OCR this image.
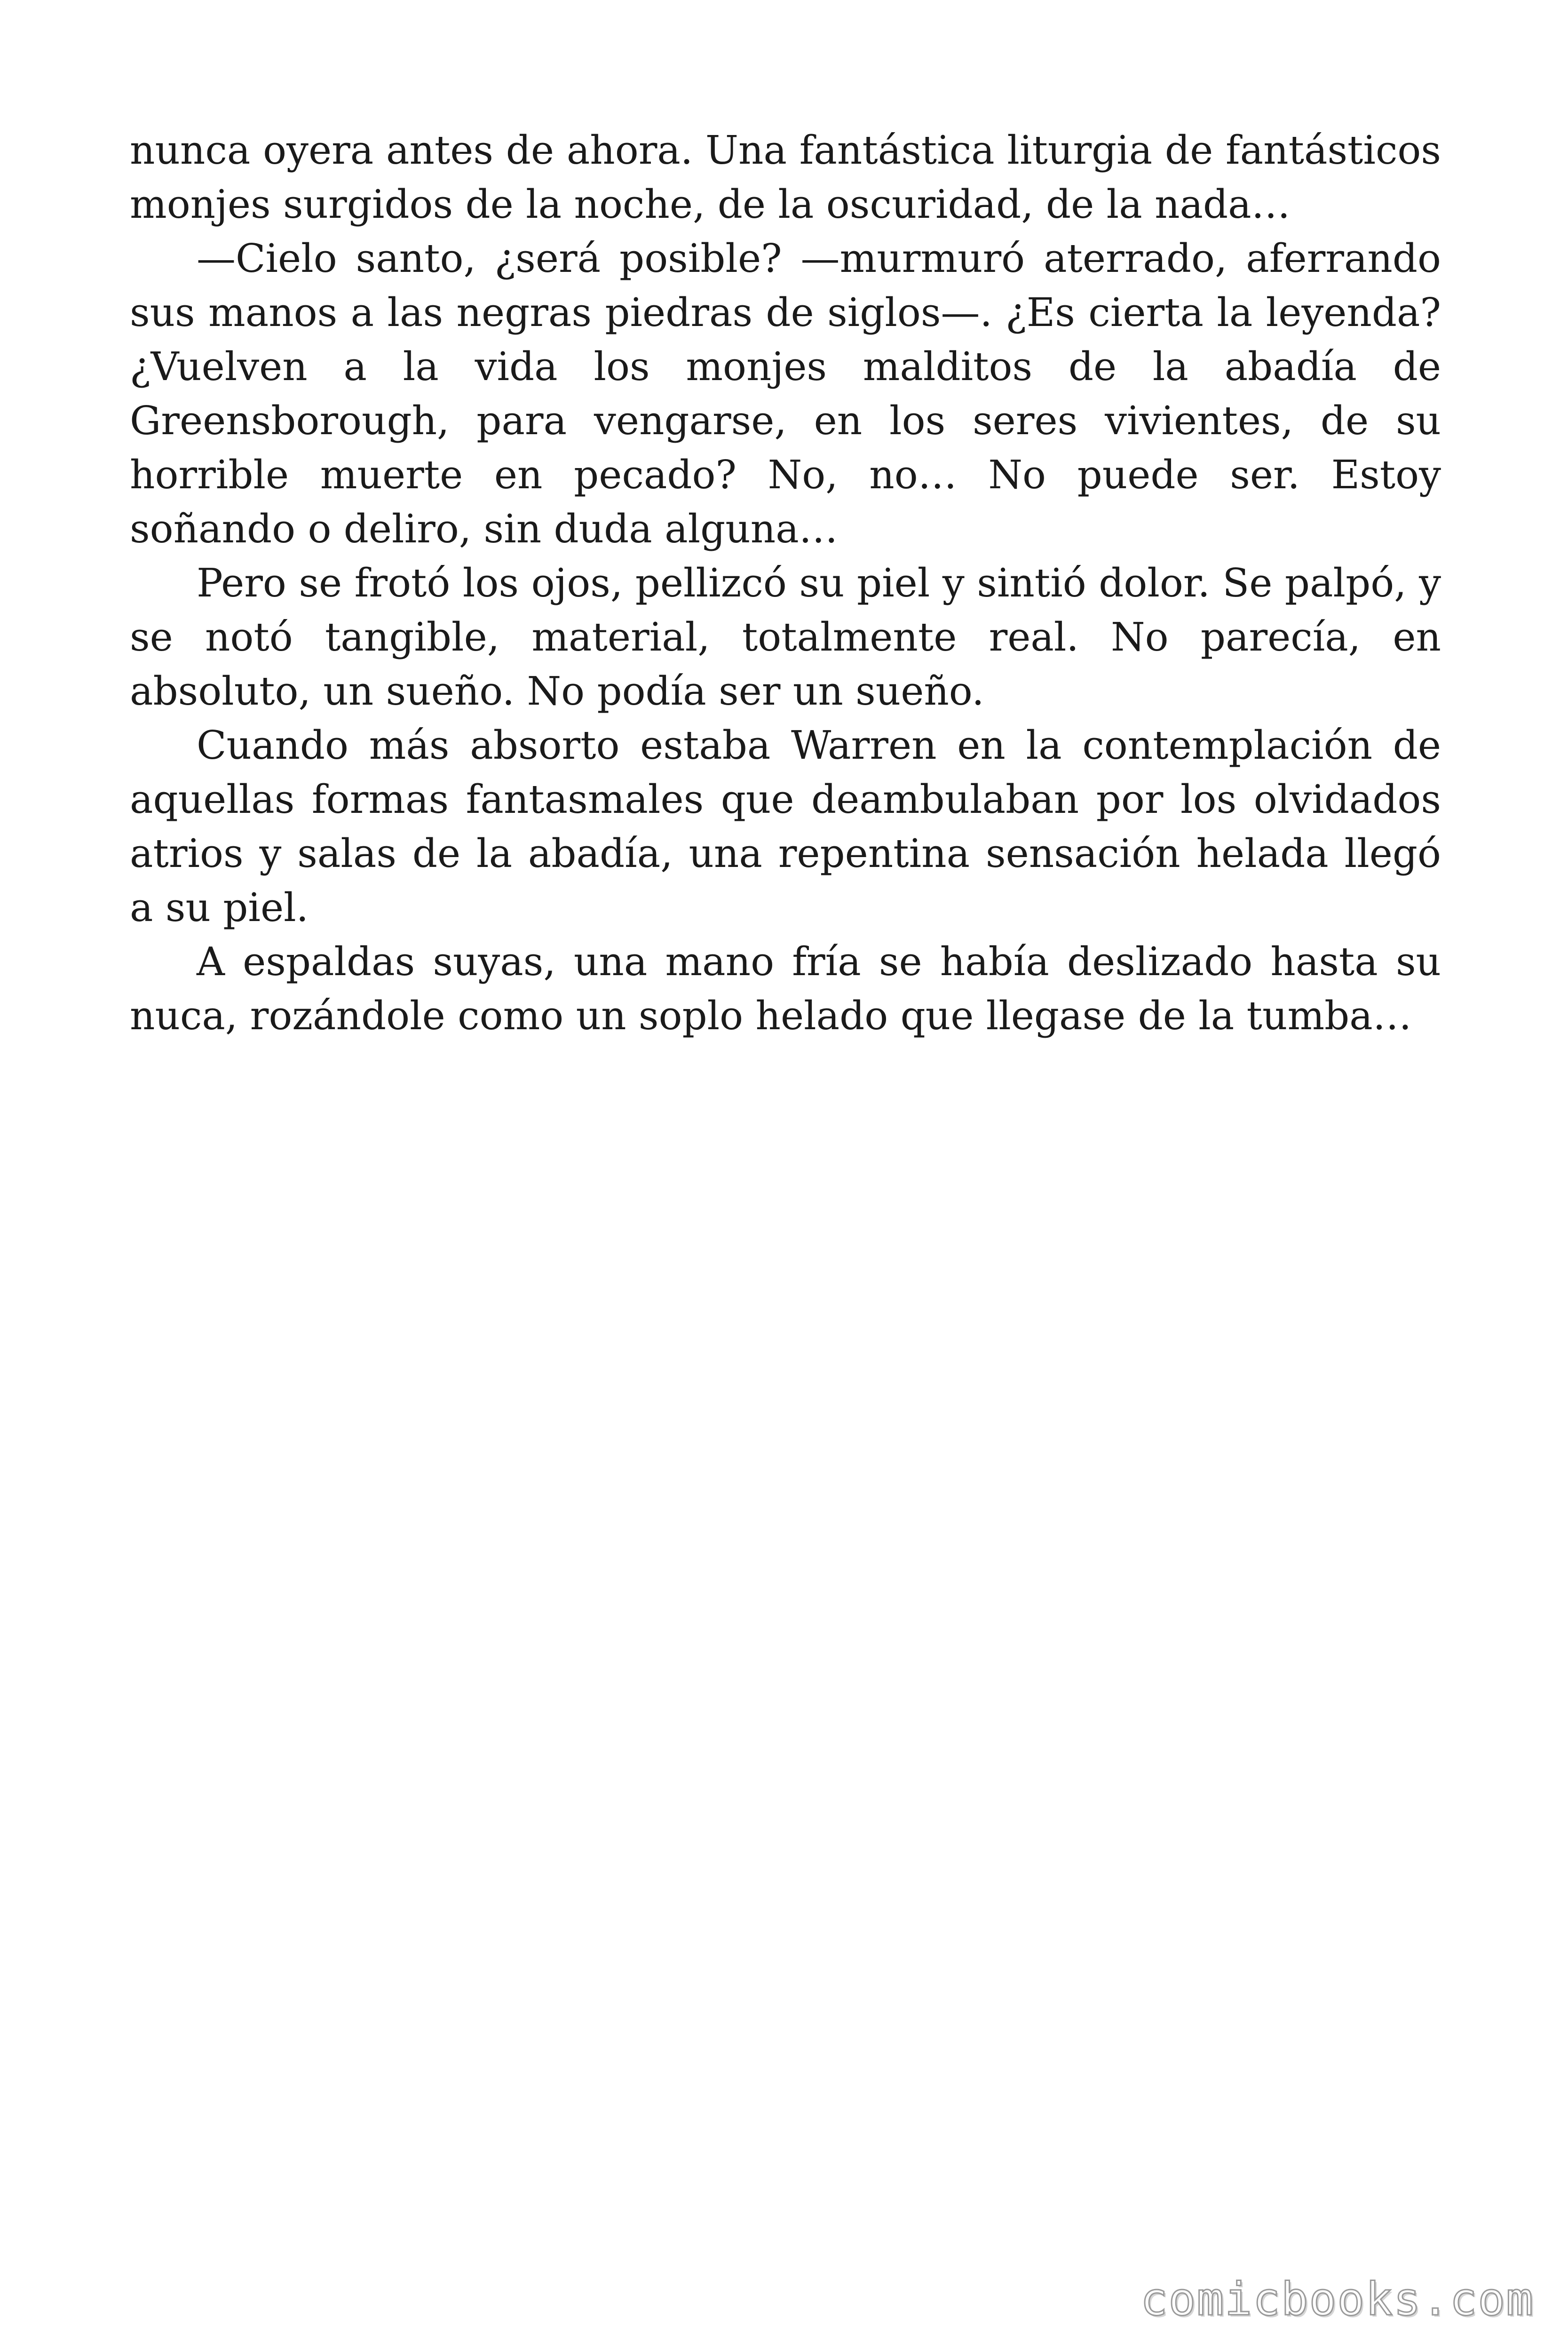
nunca oyera antes de ahora. Una fantástica liturgia de fantásticos monjes surgidos de la noche, de la oscuridad, de la nada…

—Cielo santo, ¿será posible? —murmuró aterrado, aferrando sus manos a las negras piedras de siglos—. ¿Es cierta la leyenda? ¿Vuelven a la vida los monjes malditos de la abadía de Greensborough, para vengarse, en los seres vivientes, de su horrible muerte en pecado? No, no… No puede ser. Estoy soñando o deliro, sin duda alguna…

Pero se frotó los ojos, pellizcó su piel y sintió dolor. Se palpó, y se notó tangible, material, totalmente real. No parecía, en absoluto, un sueño. No podía ser un sueño.

Cuando más absorto estaba Warren en la contemplación de aquellas formas fantasmales que deambulaban por los olvidados atrios y salas de la abadía, una repentina sensación helada llegó a su piel.

A espaldas suyas, una mano fría se había deslizado hasta su nuca, rozándole como un soplo helado que llegase de la tumba…

comicbooks.com
